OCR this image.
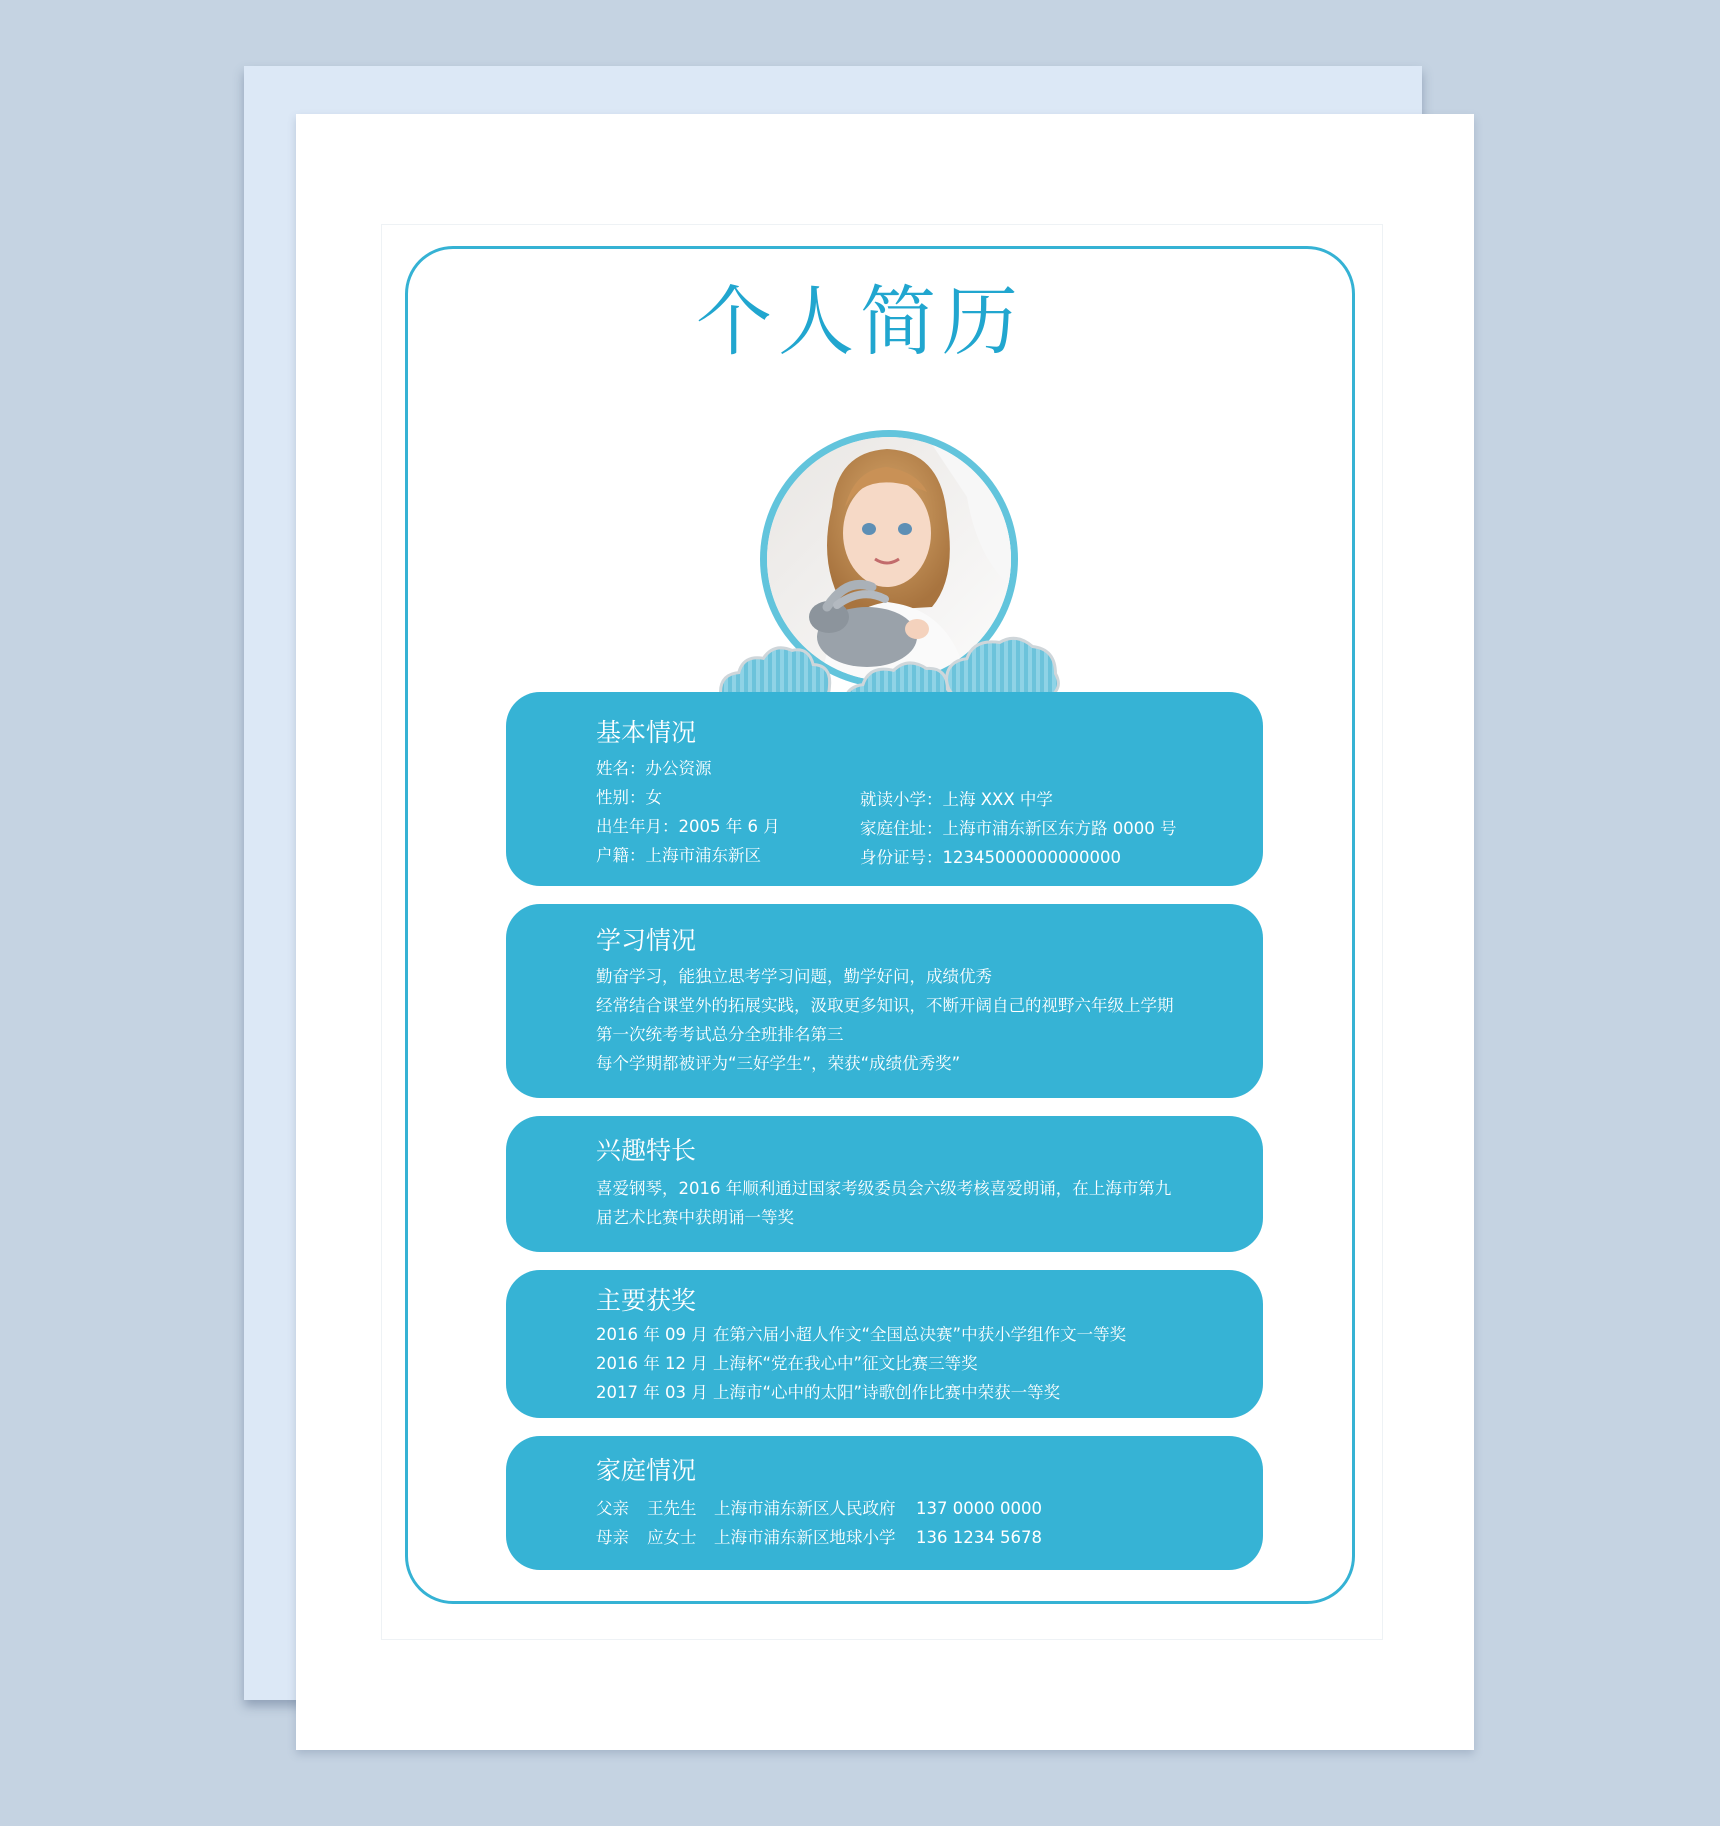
个人简历
基本情况
姓名：办公资源
性别：女
出生年月：2005 年 6 月
户籍：上海市浦东新区
就读小学：上海 XXX 中学
家庭住址：上海市浦东新区东方路 0000 号
身份证号：12345000000000000
学习情况
勤奋学习，能独立思考学习问题，勤学好问，成绩优秀
经常结合课堂外的拓展实践，汲取更多知识，不断开阔自己的视野六年级上学期
第一次统考考试总分全班排名第三
每个学期都被评为“三好学生”，荣获“成绩优秀奖”
兴趣特长
喜爱钢琴，2016 年顺利通过国家考级委员会六级考核喜爱朗诵，在上海市第九
届艺术比赛中获朗诵一等奖
主要获奖
2016 年 09 月 在第六届小超人作文“全国总决赛”中获小学组作文一等奖
2016 年 12 月 上海杯“党在我心中”征文比赛三等奖
2017 年 03 月 上海市“心中的太阳”诗歌创作比赛中荣获一等奖
家庭情况
父亲 王先生 上海市浦东新区人民政府 137 0000 0000
母亲 应女士 上海市浦东新区地球小学 136 1234 5678
